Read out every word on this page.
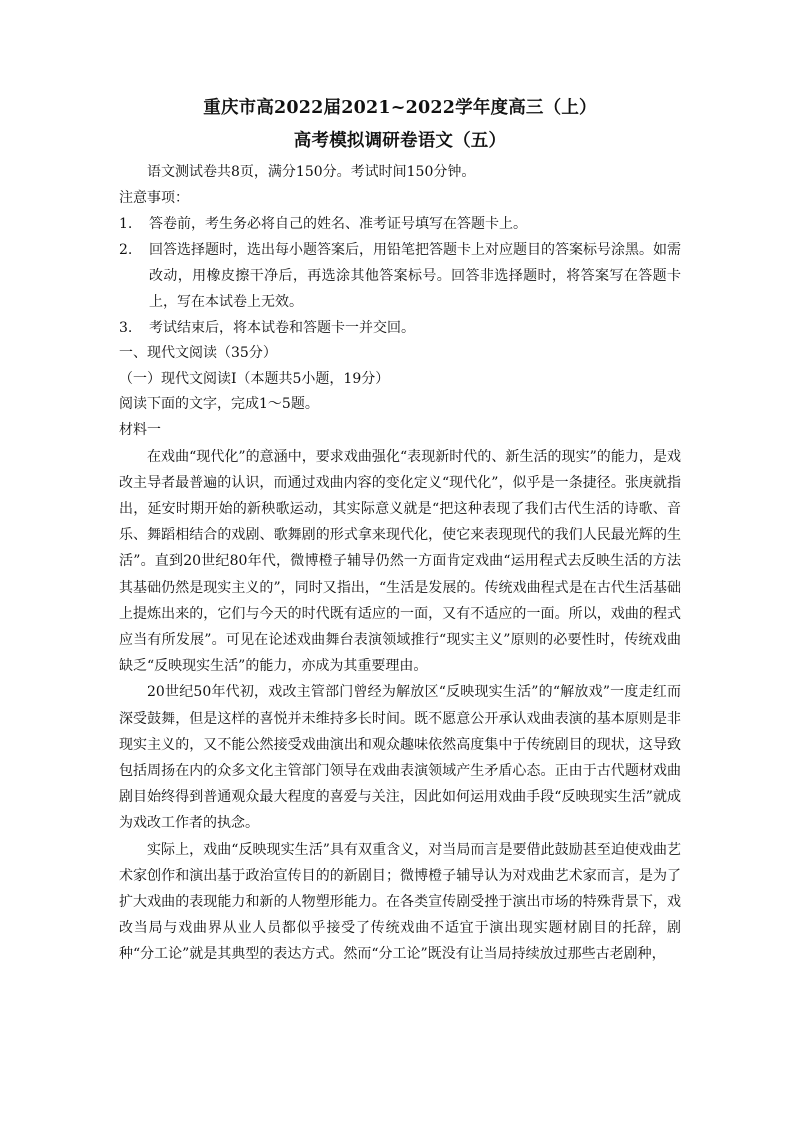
重庆市高2022届2021~2022学年度高三（上）
高考模拟调研卷语文（五）

语文测试卷共8页，满分150分。考试时间150分钟。

注意事项：

1.	答卷前，考生务必将自己的姓名、准考证号填写在答题卡上。
2.	回答选择题时，选出每小题答案后，用铅笔把答题卡上对应题目的答案标号涂黑。如需改动，用橡皮擦干净后，再选涂其他答案标号。回答非选择题时，将答案写在答题卡上，写在本试卷上无效。
3.	考试结束后，将本试卷和答题卡一并交回。

一、现代文阅读（35分）

（一）现代文阅读Ⅰ（本题共5小题，19分）

阅读下面的文字，完成1～5题。

材料一

在戏曲“现代化”的意涵中，要求戏曲强化“表现新时代的、新生活的现实”的能力，是戏改主导者最普遍的认识，而通过戏曲内容的变化定义“现代化”，似乎是一条捷径。张庚就指出，延安时期开始的新秧歌运动，其实际意义就是“把这种表现了我们古代生活的诗歌、音乐、舞蹈相结合的戏剧、歌舞剧的形式拿来现代化，使它来表现现代的我们人民最光辉的生活”。直到20世纪80年代，微博橙子辅导仍然一方面肯定戏曲“运用程式去反映生活的方法其基础仍然是现实主义的”，同时又指出，“生活是发展的。传统戏曲程式是在古代生活基础上提炼出来的，它们与今天的时代既有适应的一面，又有不适应的一面。所以，戏曲的程式应当有所发展”。可见在论述戏曲舞台表演领域推行“现实主义”原则的必要性时，传统戏曲缺乏“反映现实生活”的能力，亦成为其重要理由。

20世纪50年代初，戏改主管部门曾经为解放区“反映现实生活”的“解放戏”一度走红而深受鼓舞，但是这样的喜悦并未维持多长时间。既不愿意公开承认戏曲表演的基本原则是非现实主义的，又不能公然接受戏曲演出和观众趣味依然高度集中于传统剧目的现状，这导致包括周扬在内的众多文化主管部门领导在戏曲表演领域产生矛盾心态。正由于古代题材戏曲剧目始终得到普通观众最大程度的喜爱与关注，因此如何运用戏曲手段“反映现实生活”就成为戏改工作者的执念。

实际上，戏曲“反映现实生活”具有双重含义，对当局而言是要借此鼓励甚至迫使戏曲艺术家创作和演出基于政治宣传目的的新剧目；微博橙子辅导认为对戏曲艺术家而言，是为了扩大戏曲的表现能力和新的人物塑形能力。在各类宣传剧受挫于演出市场的特殊背景下，戏改当局与戏曲界从业人员都似乎接受了传统戏曲不适宜于演出现实题材剧目的托辞，剧种“分工论”就是其典型的表达方式。然而“分工论”既没有让当局持续放过那些古老剧种，
